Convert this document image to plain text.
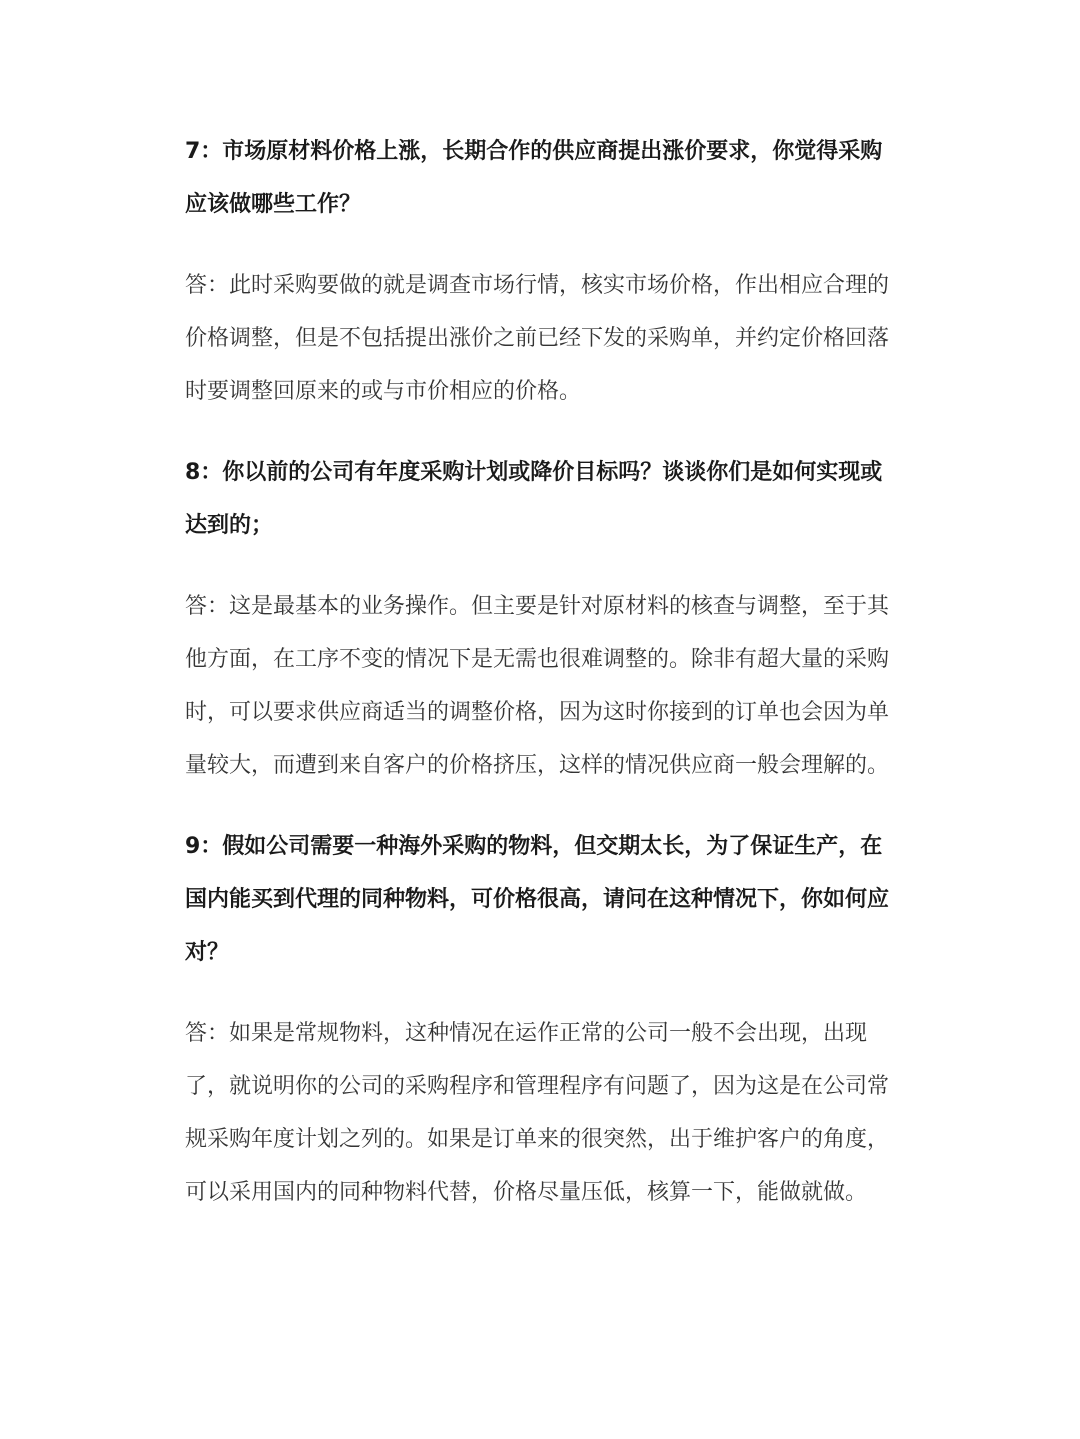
7：市场原材料价格上涨，长期合作的供应商提出涨价要求，你觉得采购应该做哪些工作？

答：此时采购要做的就是调查市场行情，核实市场价格，作出相应合理的价格调整，但是不包括提出涨价之前已经下发的采购单，并约定价格回落时要调整回原来的或与市价相应的价格。

8：你以前的公司有年度采购计划或降价目标吗？谈谈你们是如何实现或达到的；

答：这是最基本的业务操作。但主要是针对原材料的核查与调整，至于其他方面，在工序不变的情况下是无需也很难调整的。除非有超大量的采购时，可以要求供应商适当的调整价格，因为这时你接到的订单也会因为单量较大，而遭到来自客户的价格挤压，这样的情况供应商一般会理解的。

9：假如公司需要一种海外采购的物料，但交期太长，为了保证生产，在国内能买到代理的同种物料，可价格很高，请问在这种情况下，你如何应对？

答：如果是常规物料，这种情况在运作正常的公司一般不会出现，出现了，就说明你的公司的采购程序和管理程序有问题了，因为这是在公司常规采购年度计划之列的。如果是订单来的很突然，出于维护客户的角度，可以采用国内的同种物料代替，价格尽量压低，核算一下，能做就做。
